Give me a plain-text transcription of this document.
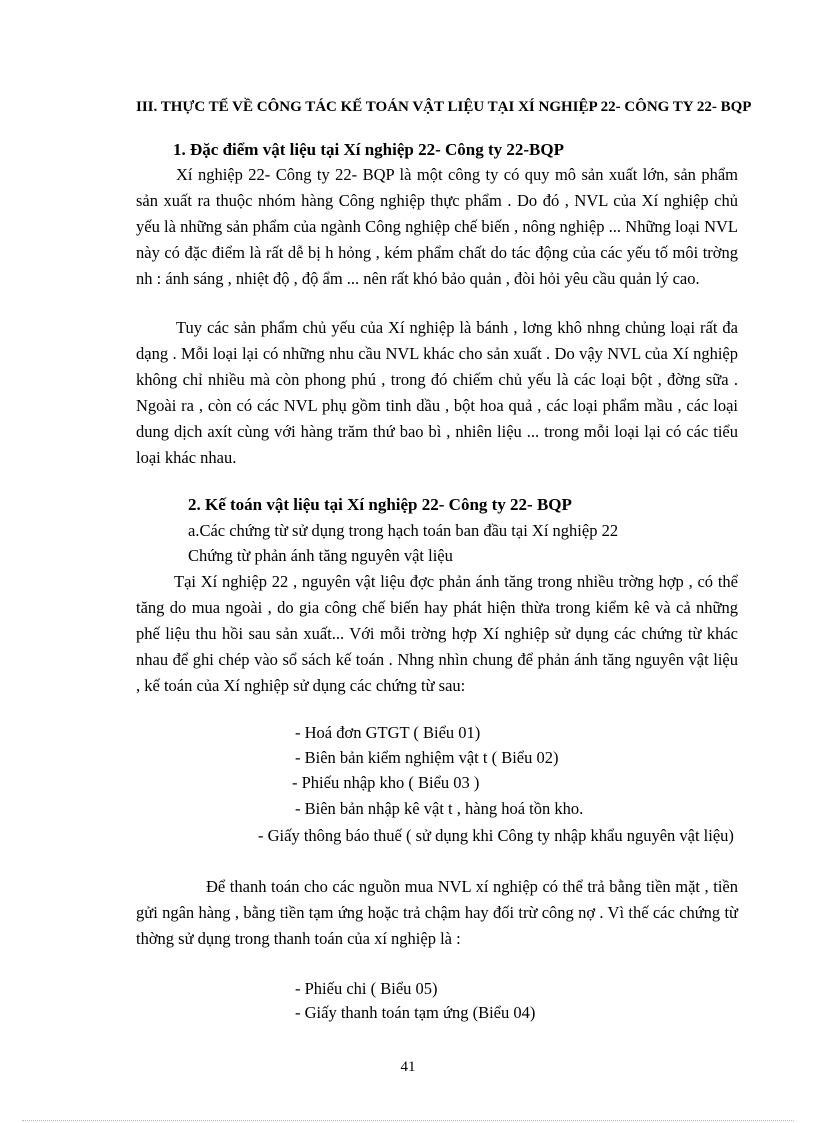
III. THỰC TẾ VỀ CÔNG TÁC KẾ TOÁN VẬT LIỆU TẠI XÍ NGHIỆP 22- CÔNG TY 22- BQP
1. Đặc điểm vật liệu tại Xí nghiệp 22- Công ty 22-BQP
Xí nghiệp 22- Công ty 22- BQP là một công ty có quy mô sản xuất lớn, sản phẩm sản xuất ra thuộc nhóm hàng Công nghiệp thực phẩm . Do đó , NVL của Xí nghiệp chủ yếu là những sản phẩm của ngành Công nghiệp chế biến , nông nghiệp ... Những loại NVL này có đặc điểm là rất dễ bị h hỏng , kém phẩm chất do tác động của các yếu tố môi trờng nh : ánh sáng , nhiệt độ , độ ẩm ... nên rất khó bảo quản , đòi hỏi yêu cầu quản lý cao.
Tuy các sản phẩm chủ yếu của Xí nghiệp là bánh , lơng khô nhng chủng loại rất đa dạng . Mỗi loại lại có những nhu cầu NVL khác cho sản xuất . Do vậy NVL của Xí nghiệp không chỉ nhiều mà còn phong phú , trong đó chiếm chủ yếu là các loại bột , đờng sữa . Ngoài ra , còn có các NVL phụ gồm tinh dầu , bột hoa quả , các loại phẩm mầu , các loại dung dịch axít cùng với hàng trăm thứ bao bì , nhiên liệu ... trong mỗi loại lại có các tiểu loại khác nhau.
2. Kế toán vật liệu tại Xí nghiệp 22- Công ty 22- BQP
a.Các chứng từ sử dụng trong hạch toán ban đầu tại Xí nghiệp 22
Chứng từ phản ánh tăng nguyên vật liệu
Tại Xí nghiệp 22 , nguyên vật liệu đợc phản ánh tăng trong nhiều trờng hợp , có thể tăng do mua ngoài , do gia công chế biến hay phát hiện thừa trong kiểm kê và cả những phế liệu thu hồi sau sản xuất... Với mỗi trờng hợp Xí nghiệp sử dụng các chứng từ khác nhau để ghi chép vào sổ sách kế toán . Nhng nhìn chung để phản ánh tăng nguyên vật liệu , kế toán của Xí nghiệp sử dụng các chứng từ sau:
- Hoá đơn GTGT ( Biểu 01)
- Biên bản kiểm nghiệm vật t ( Biểu 02)
- Phiếu nhập kho ( Biểu 03 )
- Biên bản nhập kê vật t , hàng hoá tồn kho.
- Giấy thông báo thuế ( sử dụng khi Công ty nhập khẩu nguyên vật liệu)
Để thanh toán cho các nguồn mua NVL xí nghiệp có thể trả bằng tiền mặt , tiền gửi ngân hàng , bằng tiền tạm ứng hoặc trả chậm hay đối trừ công nợ . Vì thế các chứng từ thờng sử dụng trong thanh toán của xí nghiệp là :
- Phiếu chi ( Biểu 05)
- Giấy thanh toán tạm ứng (Biểu 04)
41
